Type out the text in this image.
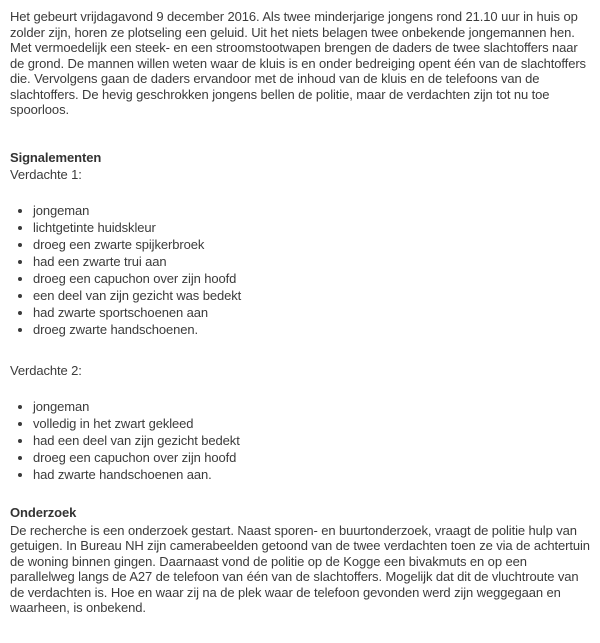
Het gebeurt vrijdagavond 9 december 2016. Als twee minderjarige jongens rond 21.10 uur in huis op zolder zijn, horen ze plotseling een geluid. Uit het niets belagen twee onbekende jongemannen hen. Met vermoedelijk een steek- en een stroomstootwapen brengen de daders de twee slachtoffers naar de grond. De mannen willen weten waar de kluis is en onder bedreiging opent één van de slachtoffers die. Vervolgens gaan de daders ervandoor met de inhoud van de kluis en de telefoons van de slachtoffers. De hevig geschrokken jongens bellen de politie, maar de verdachten zijn tot nu toe spoorloos.

Signalementen

Verdachte 1:

• jongeman
• lichtgetinte huidskleur
• droeg een zwarte spijkerbroek
• had een zwarte trui aan
• droeg een capuchon over zijn hoofd
• een deel van zijn gezicht was bedekt
• had zwarte sportschoenen aan
• droeg zwarte handschoenen.

Verdachte 2:

• jongeman
• volledig in het zwart gekleed
• had een deel van zijn gezicht bedekt
• droeg een capuchon over zijn hoofd
• had zwarte handschoenen aan.
Onderzoek

De recherche is een onderzoek gestart. Naast sporen- en buurtonderzoek, vraagt de politie hulp van getuigen. In Bureau NH zijn camerabeelden getoond van de twee verdachten toen ze via de achtertuin de woning binnen gingen. Daarnaast vond de politie op de Kogge een bivakmuts en op een parallelweg langs de A27 de telefoon van één van de slachtoffers. Mogelijk dat dit de vluchtroute van de verdachten is. Hoe en waar zij na de plek waar de telefoon gevonden werd zijn weggegaan en waarheen, is onbekend.
